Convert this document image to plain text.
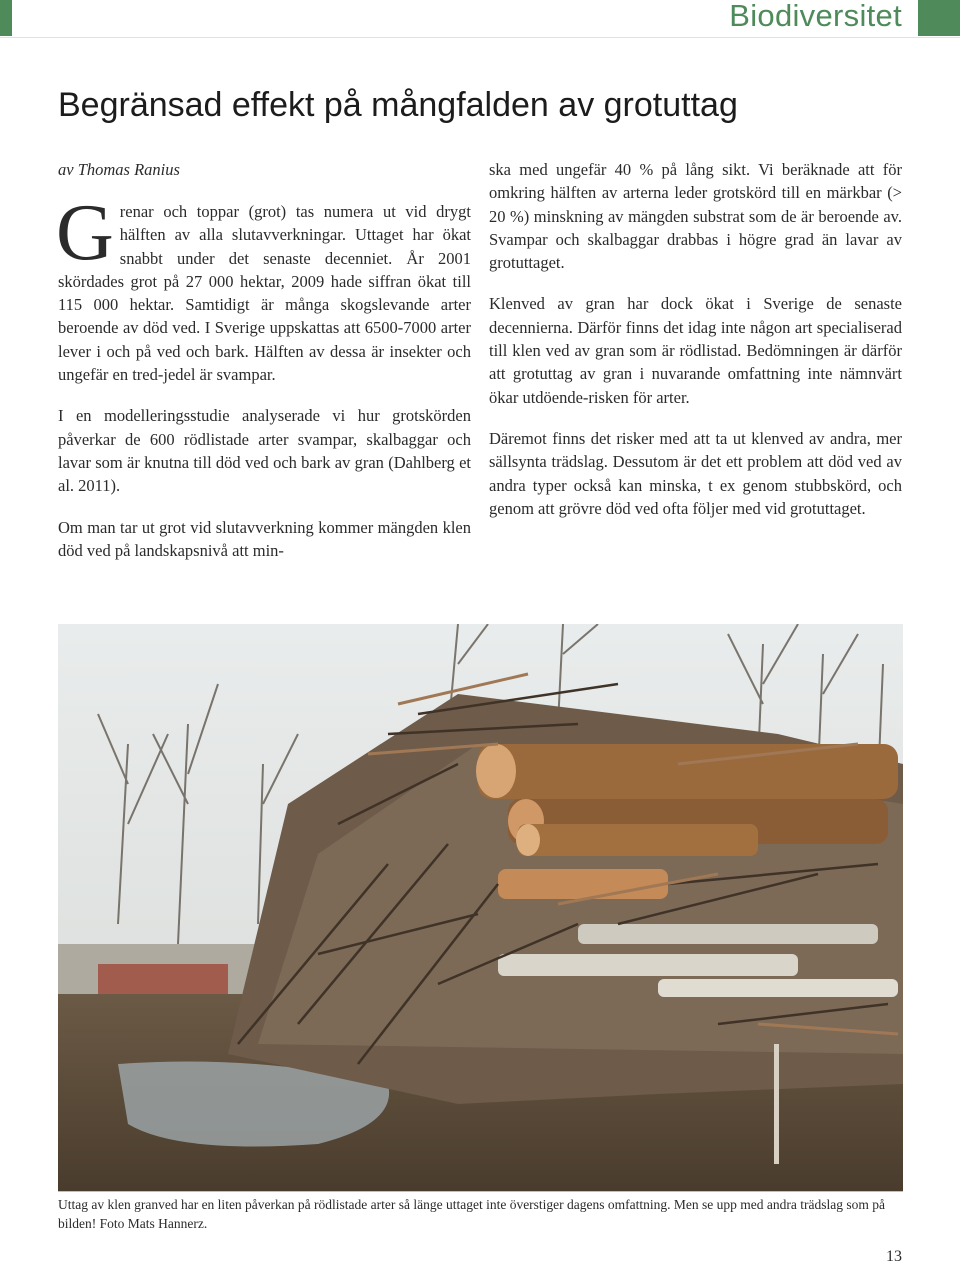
Biodiversitet
Begränsad effekt på mångfalden av grotuttag
av Thomas Ranius

Grenar och toppar (grot) tas numera ut vid drygt hälften av alla slutavverkningar. Uttaget har ökat snabbt under det senaste decenniet. År 2001 skördades grot på 27 000 hektar, 2009 hade siffran ökat till 115 000 hektar. Samtidigt är många skogslevande arter beroende av död ved. I Sverige uppskattas att 6500-7000 arter lever i och på ved och bark. Hälften av dessa är insekter och ungefär en tred-jedel är svampar.

I en modelleringsstudie analyserade vi hur grotskörden påverkar de 600 rödlistade arter svampar, skalbaggar och lavar som är knutna till död ved och bark av gran (Dahlberg et al. 2011).

Om man tar ut grot vid slutavverkning kommer mängden klen död ved på landskapsnivå att min-

ska med ungefär 40 % på lång sikt. Vi beräknade att för omkring hälften av arterna leder grotskörd till en märkbar (> 20 %) minskning av mängden substrat som de är beroende av. Svampar och skalbaggar drabbas i högre grad än lavar av grotuttaget.

Klenved av gran har dock ökat i Sverige de senaste decennierna. Därför finns det idag inte någon art specialiserad till klen ved av gran som är rödlistad. Bedömningen är därför att grotuttag av gran i nuvarande omfattning inte nämnvärt ökar utdöende-risken för arter.

Däremot finns det risker med att ta ut klenved av andra, mer sällsynta trädslag. Dessutom är det ett problem att död ved av andra typer också kan minska, t ex genom stubbskörd, och genom att grövre död ved ofta följer med vid grotuttaget.

Uttag av klen granved har en liten påverkan på rödlistade arter så länge uttaget inte överstiger dagens omfattning. Men se upp med andra trädslag som på bilden! Foto Mats Hannerz.
13
